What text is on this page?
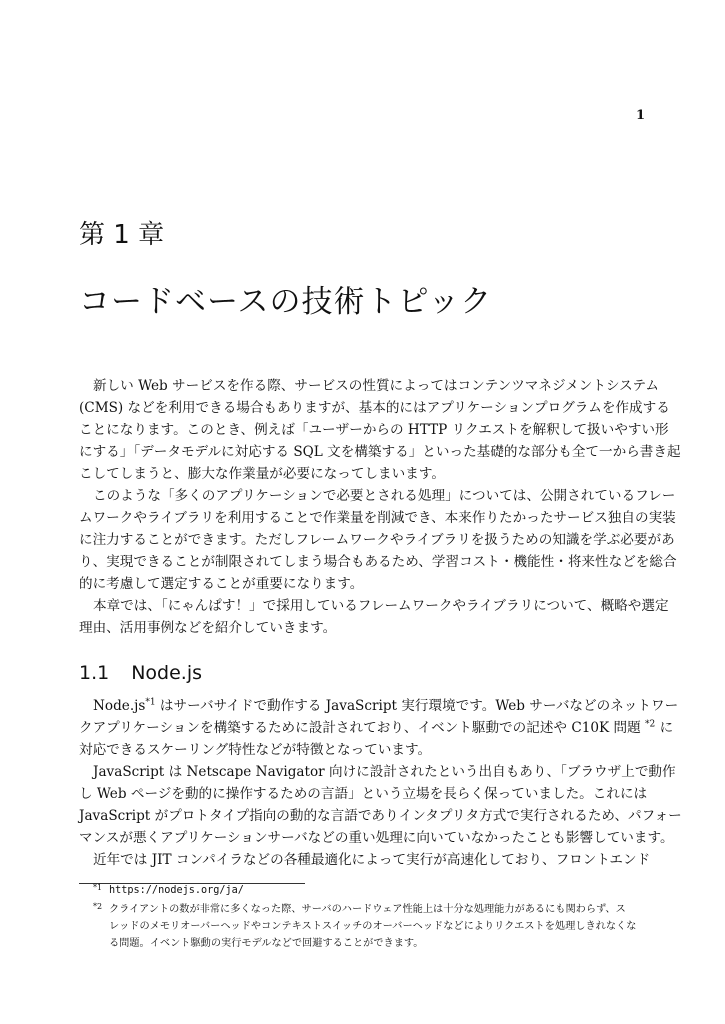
1
第 1 章
コードベースの技術トピック
新しい Web サービスを作る際、サービスの性質によってはコンテンツマネジメントシステム
(CMS) などを利用できる場合もありますが、基本的にはアプリケーションプログラムを作成する
ことになります。このとき、例えば「ユーザーからの HTTP リクエストを解釈して扱いやすい形
にする」「データモデルに対応する SQL 文を構築する」といった基礎的な部分も全て一から書き起
こしてしまうと、膨大な作業量が必要になってしまいます。
このような「多くのアプリケーションで必要とされる処理」については、公開されているフレー
ムワークやライブラリを利用することで作業量を削減でき、本来作りたかったサービス独自の実装
に注力することができます。ただしフレームワークやライブラリを扱うための知識を学ぶ必要があ
り、実現できることが制限されてしまう場合もあるため、学習コスト・機能性・将来性などを総合
的に考慮して選定することが重要になります。
本章では、「にゃんぱす！」で採用しているフレームワークやライブラリについて、概略や選定
理由、活用事例などを紹介していきます。
1.1 Node.js
$Node.js^{*1}$ はサーバサイドで動作する JavaScript 実行環境です。Web サーバなどのネットワー
クアプリケーションを構築するために設計されており、イベント駆動での記述や C10K 問題 $^{*2}$ に
対応できるスケーリング特性などが特徴となっています。
JavaScript は Netscape Navigator 向けに設計されたという出自もあり、「ブラウザ上で動作
し Web ページを動的に操作するための言語」という立場を長らく保っていました。これには
JavaScript がプロトタイプ指向の動的な言語でありインタプリタ方式で実行されるため、パフォー
マンスが悪くアプリケーションサーバなどの重い処理に向いていなかったことも影響しています。
近年では JIT コンパイラなどの各種最適化によって実行が高速化しており、フロントエンド
*1 https://nodejs.org/ja/
*2 クライアントの数が非常に多くなった際、サーバのハードウェア性能上は十分な処理能力があるにも関わらず、ス
レッドのメモリオーバーヘッドやコンテキストスイッチのオーバーヘッドなどによりリクエストを処理しきれなくな
る問題。イベント駆動の実行モデルなどで回避することができます。
